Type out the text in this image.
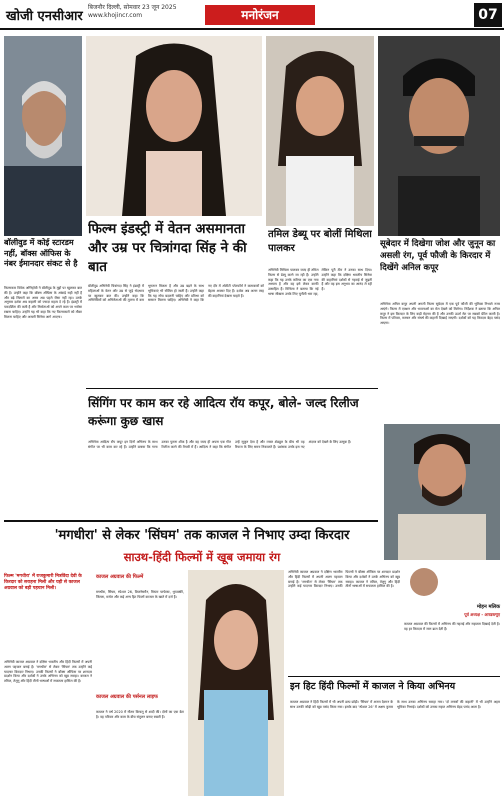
खोजी एनसीआर
बिजनौर दिल्ली, सोमवार 23 जून 2025
www.khojincr.com	मनोरंजन	07
बॉलीवुड में कोई स्टारडम नहीं, बॉक्स ऑफिस के नंबर ईमानदार संकट से है
फिल्मकार विवेक अग्निहोत्री ने बॉलीवुड के मुद्दों पर खुलकर बात की है। उन्होंने कहा कि बॉक्स ऑफिस के आंकड़े सही नहीं हैं और बड़े सितारों का असर अब पहले जैसा नहीं रहा। उनके अनुसार दर्शक अब कहानी को ज्यादा महत्व दे रहे हैं। इंडस्ट्री में पारदर्शिता की कमी है और निर्माताओं को अपने काम पर भरोसा रखना चाहिए। उन्होंने यह भी कहा कि नए फिल्मकारों को मौका मिलना चाहिए और असली सिनेमा आगे आएगा।
फिल्म इंडस्ट्री में वेतन असमानता और उम्र पर चित्रांगदा सिंह ने की बात
बॉलीवुड अभिनेत्री चित्रांगदा सिंह ने इंडस्ट्री में महिलाओं के वेतन और उम्र से जुड़े भेदभाव पर खुलकर बात की। उन्होंने कहा कि अभिनेत्रियों को अभिनेताओं की तुलना में कम भुगतान मिलता है और उम्र बढ़ने के साथ भूमिकाएं भी सीमित हो जाती हैं। उन्होंने कहा कि यह सोच बदलनी चाहिए और प्रतिभा को सम्मान मिलना चाहिए। अभिनेत्री ने कहा कि नए दौर में ओटीटी प्लेटफॉर्म ने कलाकारों को बेहतर अवसर दिए हैं। दर्शक अब अलग तरह की कहानियां देखना चाहते हैं।
तमिल डेब्यू पर बोलीं मिथिला पालकर
अभिनेत्री मिथिला पालकर जल्द ही तमिल फिल्म से डेब्यू करने जा रही हैं। उन्होंने कहा कि यह उनके करियर का एक नया अध्याय है और वह इसे लेकर काफी उत्साहित हैं। मिथिला ने बताया कि नई भाषा सीखना उनके लिए चुनौती भरा रहा, लेकिन पूरी टीम ने उनका साथ दिया। उन्होंने कहा कि दक्षिण भारतीय सिनेमा की कहानियां दर्शकों से गहराई से जुड़ती हैं और वह इस अनुभव का आनंद ले रही हैं।
सूबेदार में दिखेगा जोश और जुनून का असली रंग, पूर्व फौजी के किरदार में दिखेंगे अनिल कपूर
अभिनेता अनिल कपूर अपनी अगली फिल्म सूबेदार में एक पूर्व फौजी की भूमिका निभाते नजर आएंगे। फिल्म में एक्शन और भावनाओं का मेल देखने को मिलेगा। निर्देशक ने बताया कि अनिल कपूर ने इस किरदार के लिए कड़ी मेहनत की है और उनकी ऊर्जा सेट पर सबको प्रेरित करती है। फिल्म में परिवार, सम्मान और संघर्ष की कहानी दिखाई जाएगी। दर्शकों को यह किरदार बेहद पसंद आएगा।
सिंगिंग पर काम कर रहे आदित्य रॉय कपूर, बोले- जल्द रिलीज करूंगा कुछ खास
अभिनेता आदित्य रॉय कपूर इन दिनों अभिनय के साथ संगीत पर भी काम कर रहे हैं। उन्होंने बताया कि गाना उनका पुराना शौक है और वह जल्द ही अपना एक गीत रिलीज करने की तैयारी में हैं। आदित्य ने कहा कि संगीत उन्हें सुकून देता है और व्यस्त शेड्यूल के बीच भी वह रियाज के लिए समय निकालते हैं। प्रशंसक उनके इस नए अंदाज को देखने के लिए उत्सुक हैं।
'मगधीरा' से लेकर 'सिंघम' तक काजल ने निभाए उम्दा किरदार
साउथ-हिंदी फिल्मों में खूब जमाया रंग
फिल्म 'मगधीरा' में राजकुमारी मित्रविंदा देवी के किरदार को सराहना मिली और यही से काजल अग्रवाल को बड़ी पहचान मिली।
अभिनेत्री काजल अग्रवाल ने दक्षिण भारतीय और हिंदी फिल्मों में अपनी अलग पहचान बनाई है। 'मगधीरा' से लेकर 'सिंघम' तक उन्होंने कई यादगार किरदार निभाए। उनकी फिल्मों ने बॉक्स ऑफिस पर शानदार प्रदर्शन किया और दर्शकों ने उनके अभिनय को खूब सराहा। काजल ने तमिल, तेलुगु और हिंदी तीनों भाषाओं में सफलता हासिल की है।
काजल अग्रवाल की फिल्में
मगधीरा, सिंघम, स्पेशल 26, बिजनेसमैन, मिस्टर परफेक्ट, थुप्पक्की, जिल्ला, मर्सल और कई अन्य हिट फिल्में काजल के खाते में दर्ज हैं।
काजल अग्रवाल की पर्सनल लाइफ
काजल ने वर्ष 2020 में गौतम किचलू से शादी की। दोनों का एक बेटा है। वह परिवार और काम के बीच संतुलन बनाए रखती हैं।
इन हिट हिंदी फिल्मों में काजल ने किया अभिनय
काजल अग्रवाल ने हिंदी फिल्मों में भी अपनी छाप छोड़ी। 'सिंघम' में अजय देवगन के साथ उनकी जोड़ी को खूब पसंद किया गया। इसके बाद 'स्पेशल 26' में अक्षय कुमार के साथ उनका अभिनय सराहा गया। 'दो लफ्जों की कहानी' में भी उन्होंने अहम भूमिका निभाई। दर्शकों को उनका सहज अभिनय बेहद पसंद आता है।
अभिनेत्री काजल अग्रवाल ने दक्षिण भारतीय और हिंदी फिल्मों में अपनी अलग पहचान बनाई है। 'मगधीरा' से लेकर 'सिंघम' तक उन्होंने कई यादगार किरदार निभाए। उनकी फिल्मों ने बॉक्स ऑफिस पर शानदार प्रदर्शन किया और दर्शकों ने उनके अभिनय को खूब सराहा। काजल ने तमिल, तेलुगु और हिंदी तीनों भाषाओं में सफलता हासिल की है।
मोहन मलिक
पूर्व अध्यक्ष - आरडब्ल्यूए
काजल अग्रवाल की फिल्मों में अभिनय की गहराई और सहजता दिखाई देती है। वह हर किरदार में जान डाल देती हैं।
